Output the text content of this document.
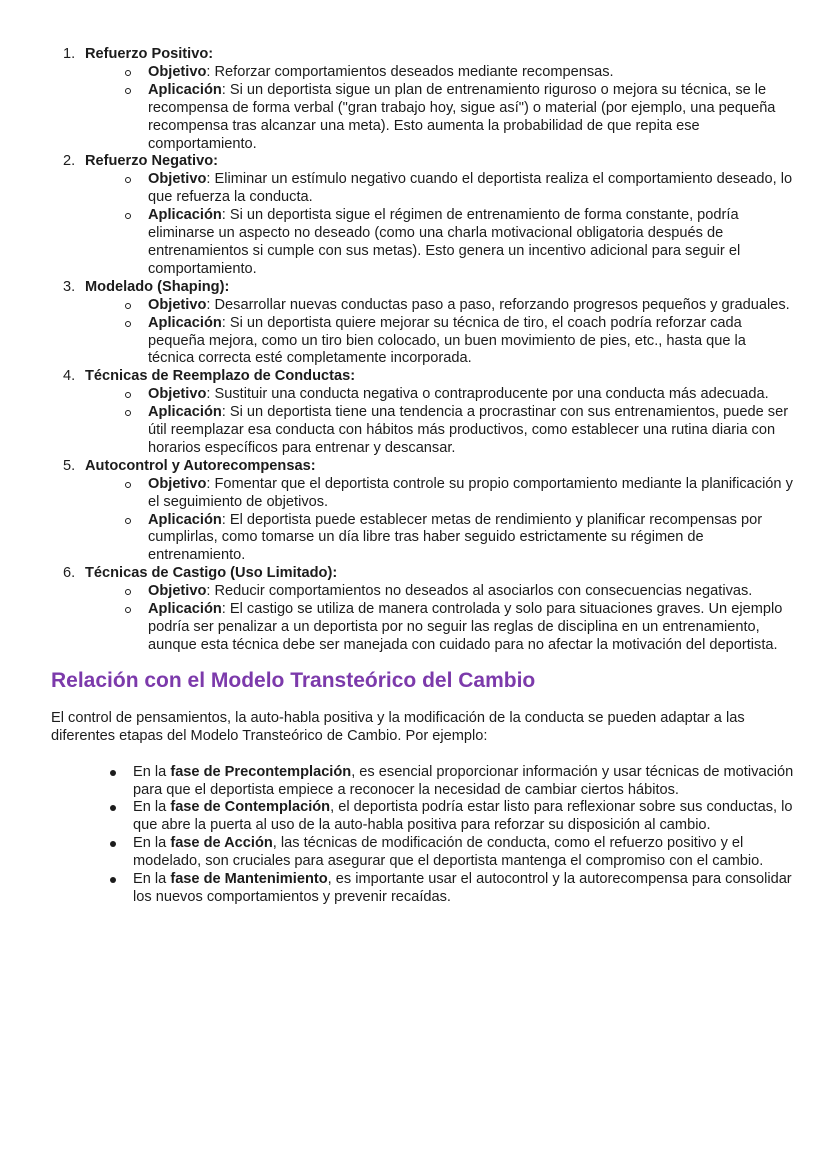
1. Refuerzo Positivo:
Objetivo: Reforzar comportamientos deseados mediante recompensas.
Aplicación: Si un deportista sigue un plan de entrenamiento riguroso o mejora su técnica, se le recompensa de forma verbal ("gran trabajo hoy, sigue así") o material (por ejemplo, una pequeña recompensa tras alcanzar una meta). Esto aumenta la probabilidad de que repita ese comportamiento.
2. Refuerzo Negativo:
Objetivo: Eliminar un estímulo negativo cuando el deportista realiza el comportamiento deseado, lo que refuerza la conducta.
Aplicación: Si un deportista sigue el régimen de entrenamiento de forma constante, podría eliminarse un aspecto no deseado (como una charla motivacional obligatoria después de entrenamientos si cumple con sus metas). Esto genera un incentivo adicional para seguir el comportamiento.
3. Modelado (Shaping):
Objetivo: Desarrollar nuevas conductas paso a paso, reforzando progresos pequeños y graduales.
Aplicación: Si un deportista quiere mejorar su técnica de tiro, el coach podría reforzar cada pequeña mejora, como un tiro bien colocado, un buen movimiento de pies, etc., hasta que la técnica correcta esté completamente incorporada.
4. Técnicas de Reemplazo de Conductas:
Objetivo: Sustituir una conducta negativa o contraproducente por una conducta más adecuada.
Aplicación: Si un deportista tiene una tendencia a procrastinar con sus entrenamientos, puede ser útil reemplazar esa conducta con hábitos más productivos, como establecer una rutina diaria con horarios específicos para entrenar y descansar.
5. Autocontrol y Autorecompensas:
Objetivo: Fomentar que el deportista controle su propio comportamiento mediante la planificación y el seguimiento de objetivos.
Aplicación: El deportista puede establecer metas de rendimiento y planificar recompensas por cumplirlas, como tomarse un día libre tras haber seguido estrictamente su régimen de entrenamiento.
6. Técnicas de Castigo (Uso Limitado):
Objetivo: Reducir comportamientos no deseados al asociarlos con consecuencias negativas.
Aplicación: El castigo se utiliza de manera controlada y solo para situaciones graves. Un ejemplo podría ser penalizar a un deportista por no seguir las reglas de disciplina en un entrenamiento, aunque esta técnica debe ser manejada con cuidado para no afectar la motivación del deportista.
Relación con el Modelo Transteórico del Cambio

El control de pensamientos, la auto-habla positiva y la modificación de la conducta se pueden adaptar a las diferentes etapas del Modelo Transteórico de Cambio. Por ejemplo:

En la fase de Precontemplación, es esencial proporcionar información y usar técnicas de motivación para que el deportista empiece a reconocer la necesidad de cambiar ciertos hábitos.
En la fase de Contemplación, el deportista podría estar listo para reflexionar sobre sus conductas, lo que abre la puerta al uso de la auto-habla positiva para reforzar su disposición al cambio.
En la fase de Acción, las técnicas de modificación de conducta, como el refuerzo positivo y el modelado, son cruciales para asegurar que el deportista mantenga el compromiso con el cambio.
En la fase de Mantenimiento, es importante usar el autocontrol y la autorecompensa para consolidar los nuevos comportamientos y prevenir recaídas.
